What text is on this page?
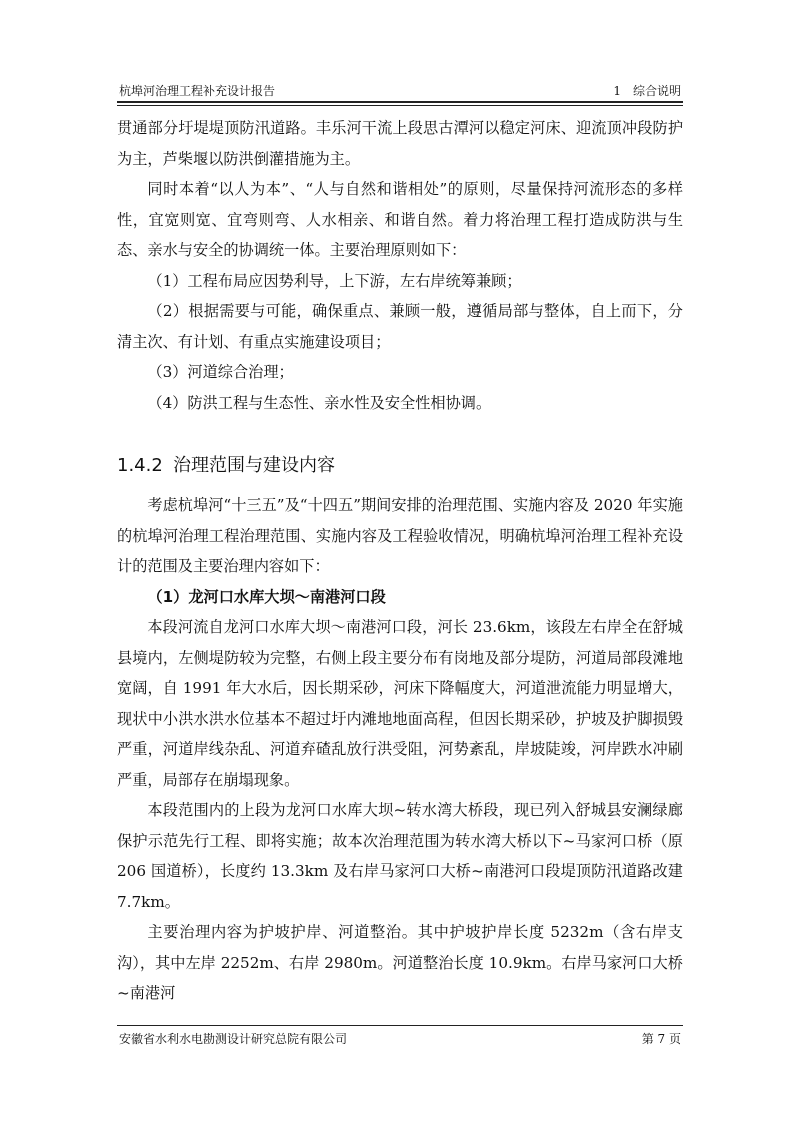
杭埠河治理工程补充设计报告	1　综合说明

贯通部分圩堤堤顶防汛道路。丰乐河干流上段思古潭河以稳定河床、迎流顶冲段防护为主，芦柴堰以防洪倒灌措施为主。

同时本着“以人为本”、“人与自然和谐相处”的原则，尽量保持河流形态的多样性，宜宽则宽、宜弯则弯、人水相亲、和谐自然。着力将治理工程打造成防洪与生态、亲水与安全的协调统一体。主要治理原则如下：

（1）工程布局应因势利导，上下游，左右岸统筹兼顾；

（2）根据需要与可能，确保重点、兼顾一般，遵循局部与整体，自上而下，分清主次、有计划、有重点实施建设项目；

（3）河道综合治理；

（4）防洪工程与生态性、亲水性及安全性相协调。

1.4.2 治理范围与建设内容

考虑杭埠河“十三五”及“十四五”期间安排的治理范围、实施内容及 2020 年实施的杭埠河治理工程治理范围、实施内容及工程验收情况，明确杭埠河治理工程补充设计的范围及主要治理内容如下：

（1）龙河口水库大坝～南港河口段

本段河流自龙河口水库大坝～南港河口段，河长 23.6km，该段左右岸全在舒城县境内，左侧堤防较为完整，右侧上段主要分布有岗地及部分堤防，河道局部段滩地宽阔，自 1991 年大水后，因长期采砂，河床下降幅度大，河道泄流能力明显增大，现状中小洪水洪水位基本不超过圩内滩地地面高程，但因长期采砂，护坡及护脚损毁严重，河道岸线杂乱、河道弃碴乱放行洪受阻，河势紊乱，岸坡陡竣，河岸跌水冲刷严重，局部存在崩塌现象。

本段范围内的上段为龙河口水库大坝~转水湾大桥段，现已列入舒城县安澜绿廊保护示范先行工程、即将实施；故本次治理范围为转水湾大桥以下~马家河口桥（原 206 国道桥），长度约 13.3km 及右岸马家河口大桥~南港河口段堤顶防汛道路改建 7.7km。

主要治理内容为护坡护岸、河道整治。其中护坡护岸长度 5232m（含右岸支沟），其中左岸 2252m、右岸 2980m。河道整治长度 10.9km。右岸马家河口大桥~南港河

安徽省水利水电勘测设计研究总院有限公司	第 7 页
